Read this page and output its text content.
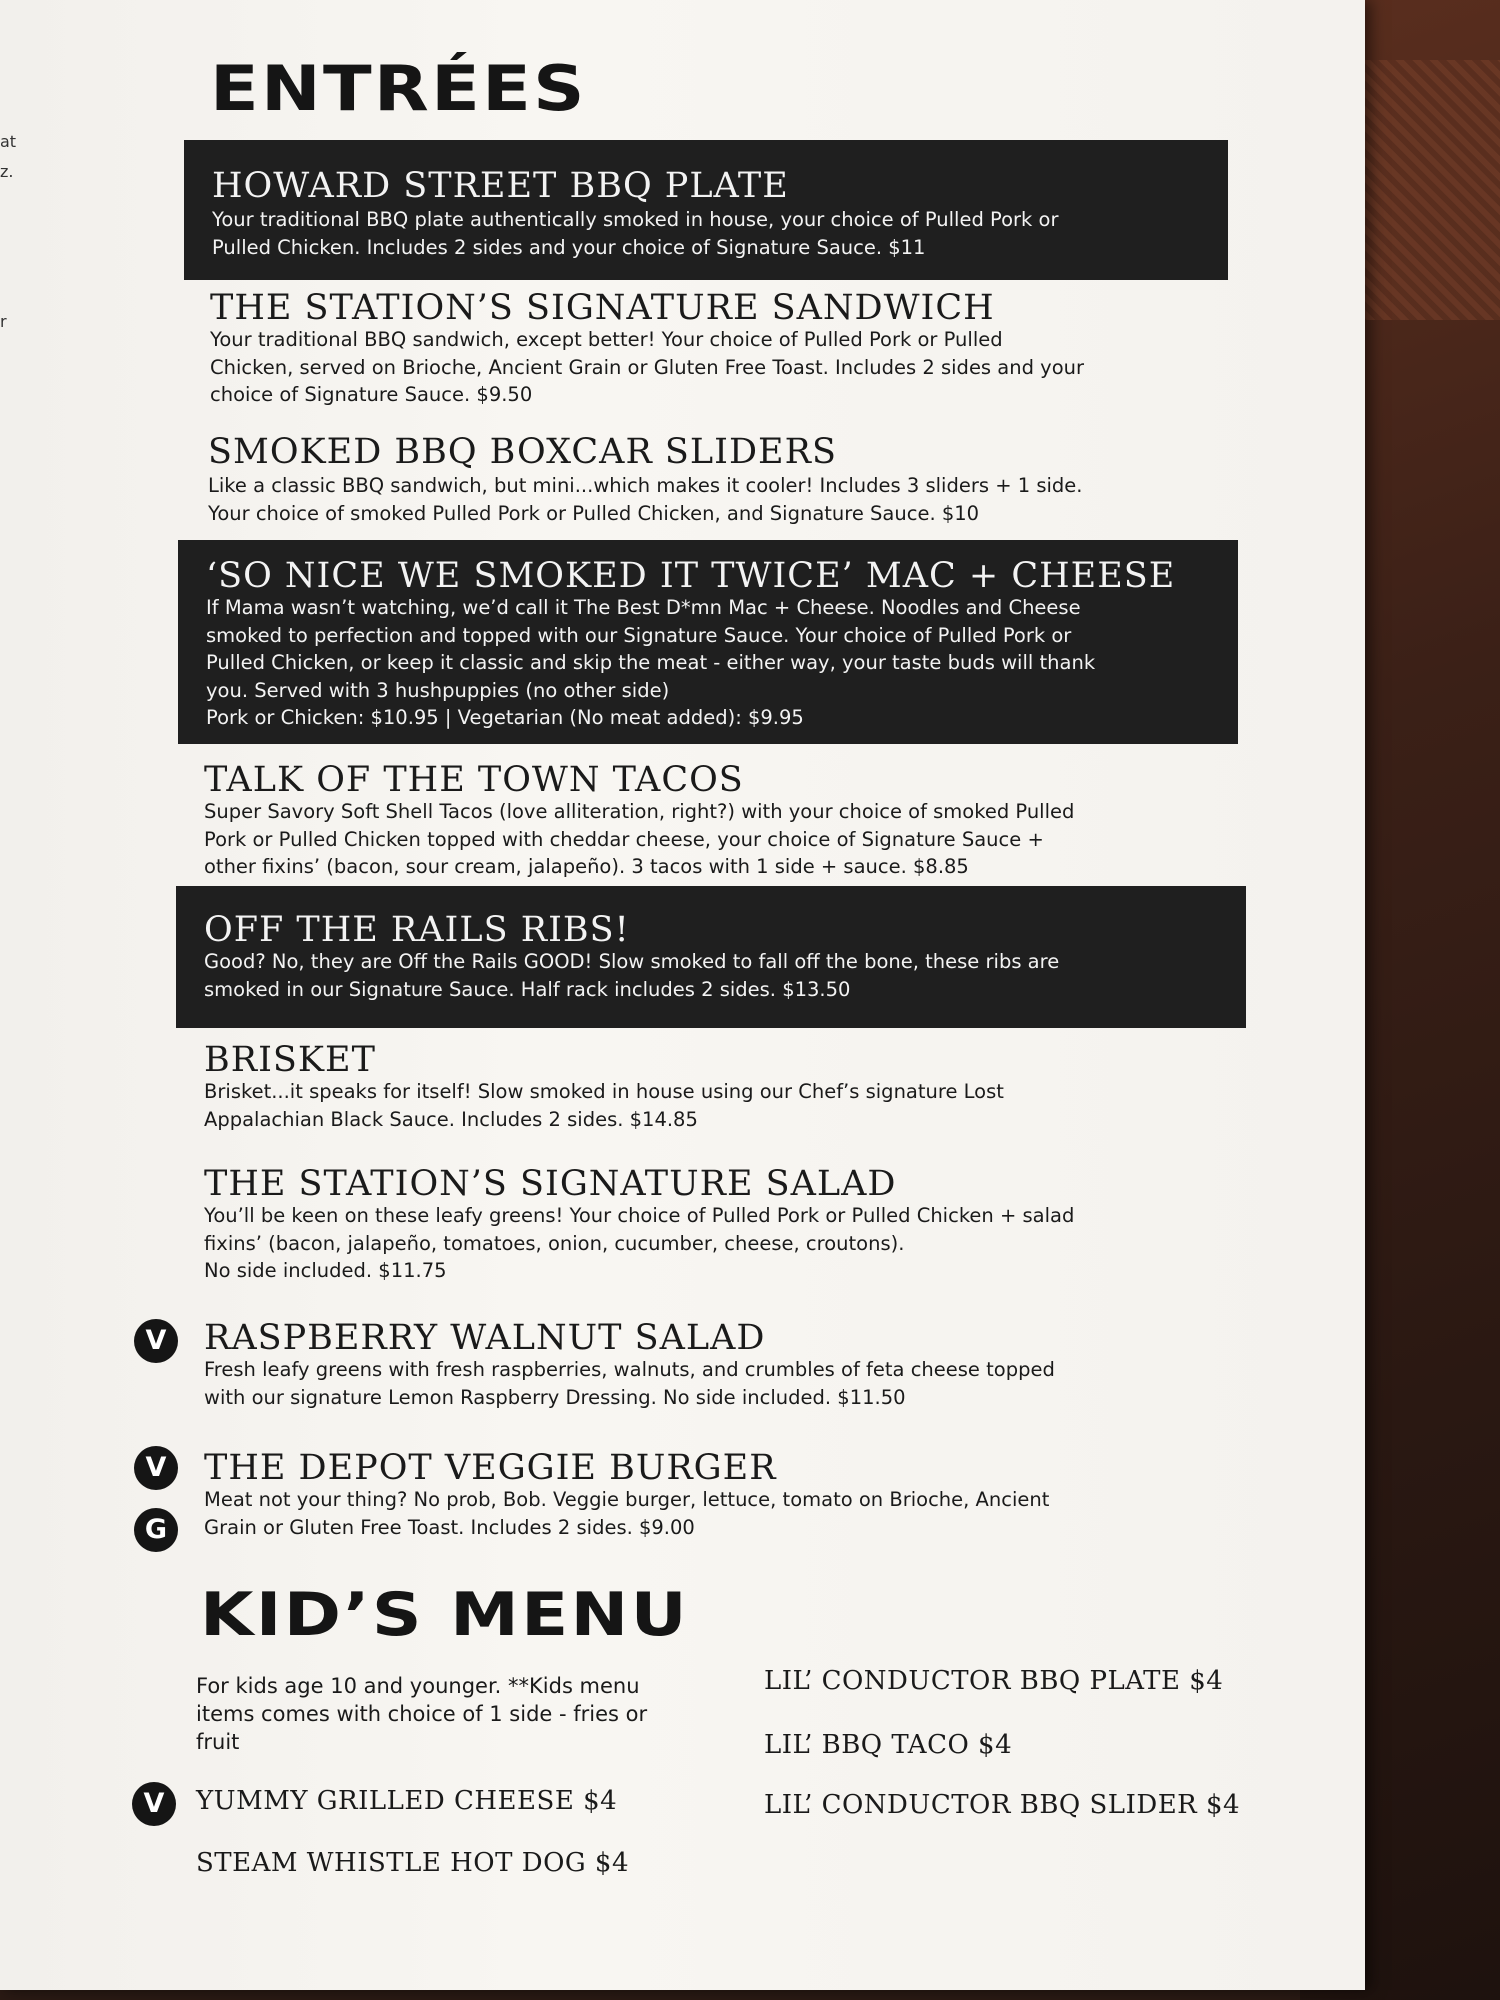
at
z.
r
ENTRÉES
HOWARD STREET BBQ PLATE
Your traditional BBQ plate authentically smoked in house, your choice of Pulled Pork or
Pulled Chicken. Includes 2 sides and your choice of Signature Sauce. $11
THE STATION’S SIGNATURE SANDWICH
Your traditional BBQ sandwich, except better! Your choice of Pulled Pork or Pulled
Chicken, served on Brioche, Ancient Grain or Gluten Free Toast. Includes 2 sides and your
choice of Signature Sauce. $9.50
SMOKED BBQ BOXCAR SLIDERS
Like a classic BBQ sandwich, but mini...which makes it cooler! Includes 3 sliders + 1 side.
Your choice of smoked Pulled Pork or Pulled Chicken, and Signature Sauce. $10
‘SO NICE WE SMOKED IT TWICE’ MAC + CHEESE
If Mama wasn’t watching, we’d call it The Best D*mn Mac + Cheese. Noodles and Cheese
smoked to perfection and topped with our Signature Sauce. Your choice of Pulled Pork or
Pulled Chicken, or keep it classic and skip the meat - either way, your taste buds will thank
you. Served with 3 hushpuppies (no other side)
Pork or Chicken: $10.95 | Vegetarian (No meat added): $9.95
TALK OF THE TOWN TACOS
Super Savory Soft Shell Tacos (love alliteration, right?) with your choice of smoked Pulled
Pork or Pulled Chicken topped with cheddar cheese, your choice of Signature Sauce +
other fixins’ (bacon, sour cream, jalapeño). 3 tacos with 1 side + sauce. $8.85
OFF THE RAILS RIBS!
Good? No, they are Off the Rails GOOD! Slow smoked to fall off the bone, these ribs are
smoked in our Signature Sauce. Half rack includes 2 sides. $13.50
BRISKET
Brisket...it speaks for itself! Slow smoked in house using our Chef’s signature Lost
Appalachian Black Sauce. Includes 2 sides. $14.85
THE STATION’S SIGNATURE SALAD
You’ll be keen on these leafy greens! Your choice of Pulled Pork or Pulled Chicken + salad
fixins’ (bacon, jalapeño, tomatoes, onion, cucumber, cheese, croutons).
No side included. $11.75
V	RASPBERRY WALNUT SALAD
Fresh leafy greens with fresh raspberries, walnuts, and crumbles of feta cheese topped
with our signature Lemon Raspberry Dressing. No side included. $11.50
V
G
THE DEPOT VEGGIE BURGER
Meat not your thing? No prob, Bob. Veggie burger, lettuce, tomato on Brioche, Ancient
Grain or Gluten Free Toast. Includes 2 sides. $9.00
KID’S MENU
For kids age 10 and younger. **Kids menu items comes with choice of 1 side - fries or fruit
V	YUMMY GRILLED CHEESE $4
STEAM WHISTLE HOT DOG $4
LIL’ CONDUCTOR BBQ PLATE $4
LIL’ BBQ TACO $4
LIL’ CONDUCTOR BBQ SLIDER $4
